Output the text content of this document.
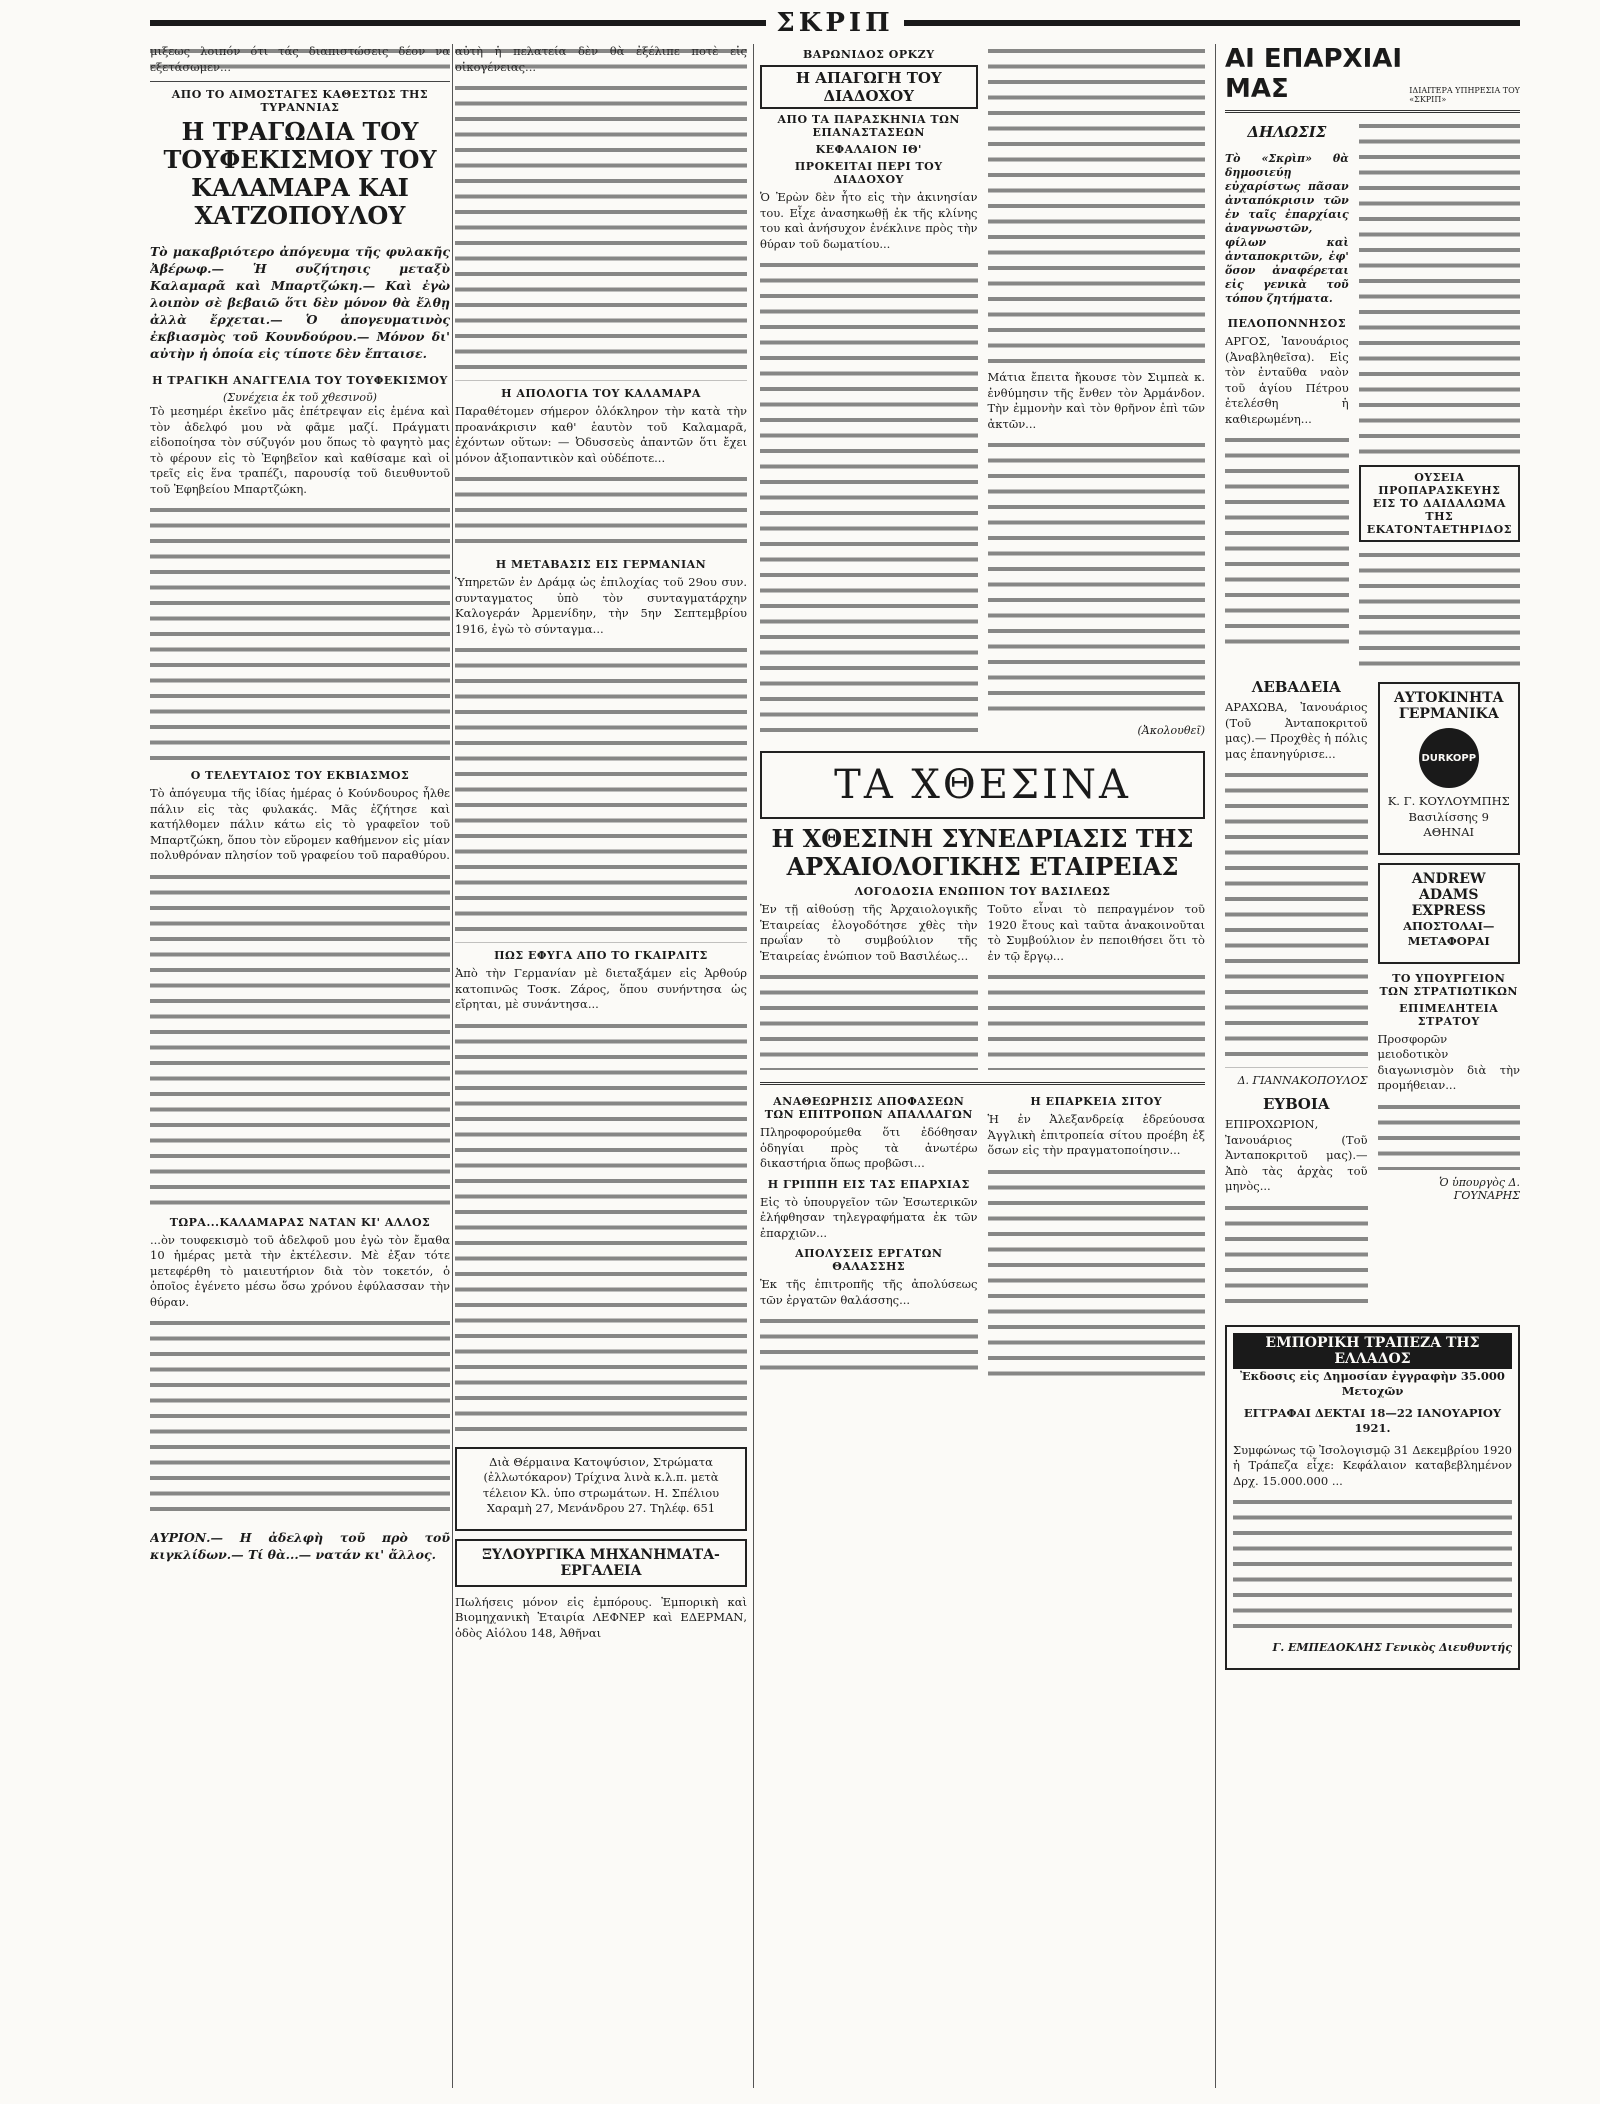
ΣΚΡΙΠ

μιξεως λοιπόν ότι τάς διαπιστώσεις δέον να εξετάσωμεν...

ΑΠΟ ΤΟ ΑΙΜΟΣΤΑΓΕΣ ΚΑΘΕΣΤΩΣ ΤΗΣ ΤΥΡΑΝΝΙΑΣ
Η ΤΡΑΓΩΔΙΑ ΤΟΥ ΤΟΥΦΕΚΙΣΜΟΥ ΤΟΥ ΚΑΛΑΜΑΡΑ ΚΑΙ ΧΑΤΖΟΠΟΥΛΟΥ

Τὸ μακαβριότερο ἀπόγευμα τῆς φυλακῆς Ἀβέρωφ.— Ἡ συζήτησις μεταξὺ Καλαμαρᾶ καὶ Μπαρτζώκη.— Καὶ ἐγὼ λοιπὸν σὲ βεβαιῶ ὅτι δὲν μόνον θὰ ἔλθῃ ἀλλὰ ἔρχεται.— Ὁ ἀπογευματινὸς ἐκβιασμὸς τοῦ Κουνδούρου.— Μόνον δι' αὐτὴν ἡ ὁποία εἰς τίποτε δὲν ἔπταισε.

Η ΤΡΑΓΙΚΗ ΑΝΑΓΓΕΛΙΑ ΤΟΥ ΤΟΥΦΕΚΙΣΜΟΥ
(Συνέχεια ἐκ τοῦ χθεσινοῦ)

Τὸ μεσημέρι ἐκεῖνο μᾶς ἐπέτρεψαν εἰς ἐμένα καὶ τὸν ἀδελφό μου νὰ φᾶμε μαζί. Πράγματι εἰδοποίησα τὸν σύζυγόν μου ὅπως τὸ φαγητὸ μας τὸ φέρουν εἰς τὸ Ἐφηβεῖον καὶ καθίσαμε καὶ οἱ τρεῖς εἰς ἕνα τραπέζι, παρουσίᾳ τοῦ διευθυντοῦ τοῦ Ἐφηβείου Μπαρτζώκη.

Ο ΤΕΛΕΥΤΑΙΟΣ ΤΟΥ ΕΚΒΙΑΣΜΟΣ

Τὸ ἀπόγευμα τῆς ἰδίας ἡμέρας ὁ Κούνδουρος ἦλθε πάλιν εἰς τὰς φυλακάς. Μᾶς ἐζήτησε καὶ κατήλθομεν πάλιν κάτω εἰς τὸ γραφεῖον τοῦ Μπαρτζώκη, ὅπου τὸν εὕρομεν καθήμενον εἰς μίαν πολυθρόναν πλησίον τοῦ γραφείου τοῦ παραθύρου.

ΤΩΡΑ...ΚΑΛΑΜΑΡΑΣ ΝΑΤΑΝ ΚΙ' ΑΛΛΟΣ

...ὸν τουφεκισμὸ τοῦ ἀδελφοῦ μου ἐγὼ τὸν ἔμαθα 10 ἡμέρας μετὰ τὴν ἐκτέλεσιν. Μὲ ἐξαν τότε μετεφέρθη τὸ μαιευτήριον διὰ τὸν τοκετόν, ὁ ὁποῖος ἐγένετο μέσω ὅσω χρόνου ἐφύλασσαν τὴν θύραν.

ΑΥΡΙΟΝ.— Η ἀδελφὴ τοῦ πρὸ τοῦ κιγκλίδων.— Τί θὰ...— νατάν κι' ἄλλος.

αὐτὴ ἡ πελατεία δὲν θὰ ἐξέλιπε ποτὲ εἰς οἰκογένειας...

Η ΑΠΟΛΟΓΙΑ ΤΟΥ ΚΑΛΑΜΑΡΑ

Παραθέτομεν σήμερον ὁλόκληρον τὴν κατὰ τὴν προανάκρισιν καθ' ἑαυτὸν τοῦ Καλαμαρᾶ, ἐχόντων οὕτων: — Ὀδυσσεὺς ἀπαντῶν ὅτι ἔχει μόνον ἀξιοπαντικὸν καὶ οὐδέποτε...

Η ΜΕΤΑΒΑΣΙΣ ΕΙΣ ΓΕΡΜΑΝΙΑΝ

Ὑπηρετῶν ἐν Δράμᾳ ὡς ἐπιλοχίας τοῦ 29ου συν. συνταγματος ὑπὸ τὸν συνταγματάρχην Καλογεράν Ἀρμενίδην, τὴν 5ην Σεπτεμβρίου 1916, ἐγὼ τὸ σύνταγμα...

ΠΩΣ ΕΦΥΓΑ ΑΠΟ ΤΟ ΓΚΑΙΡΛΙΤΣ

Ἀπὸ τὴν Γερμανίαν μὲ διεταξάμεν εἰς Ἀρθούρ κατοπινῶς Τοσκ. Ζάρος, ὅπου συνήντησα ὡς εἴρηται, μὲ συνάντησα...

Διὰ Θέρμαινα Κατοψύσιον, Στρώματα (ἐλλωτόκαρον) Τρίχινα λινὰ κ.λ.π. μετὰ τέλειον Κλ. ὑπο στρωμάτων. Η. Σπέλιου Χαραμὴ 27, Μενάνδρου 27. Τηλέφ. 651
ΞΥΛΟΥΡΓΙΚΑ ΜΗΧΑΝΗΜΑΤΑ-ΕΡΓΑΛΕΙΑ

Πωλήσεις μόνον εἰς ἐμπόρους. Ἐμπορικὴ καὶ Βιομηχανικὴ Ἑταιρία ΛΕΦΝΕΡ καὶ ΕΔΕΡΜΑΝ, ὁδὸς Αἰόλου 148, Ἀθῆναι

ΒΑΡΩΝΙΔΟΣ ΟΡΚΖΥ
Η ΑΠΑΓΩΓΗ ΤΟΥ ΔΙΑΔΟΧΟΥ
ΑΠΟ ΤΑ ΠΑΡΑΣΚΗΝΙΑ ΤΩΝ ΕΠΑΝΑΣΤΑΣΕΩΝ
ΚΕΦΑΛΑΙΟΝ ΙΘ'
ΠΡΟΚΕΙΤΑΙ ΠΕΡΙ ΤΟΥ ΔΙΑΔΟΧΟΥ

Ὁ Ἐρὼν δὲν ἦτο εἰς τὴν ἀκινησίαν του. Εἶχε ἀνασηκωθῇ ἐκ τῆς κλίνης του καὶ ἀνήσυχον ἐνέκλινε πρὸς τὴν θύραν τοῦ δωματίου...

Μάτια ἔπειτα ἤκουσε τὸν Σιμπεὰ κ. ἐνθύμησιν τῆς ἔνθεν τὸν Ἀρμάνδον. Τὴν ἐμμονὴν καὶ τὸν θρῆνον ἐπὶ τῶν ἀκτῶν...

(Ἀκολουθεῖ)
ΤΑ ΧΘΕΣΙΝΑ
Η ΧΘΕΣΙΝΗ ΣΥΝΕΔΡΙΑΣΙΣ ΤΗΣ ΑΡΧΑΙΟΛΟΓΙΚΗΣ ΕΤΑΙΡΕΙΑΣ
ΛΟΓΟΔΟΣΙΑ ΕΝΩΠΙΟΝ ΤΟΥ ΒΑΣΙΛΕΩΣ

Ἐν τῇ αἰθούσῃ τῆς Ἀρχαιολογικῆς Ἑταιρείας ἐλογοδότησε χθὲς τὴν πρωΐαν τὸ συμβούλιον τῆς Ἑταιρείας ἐνώπιον τοῦ Βασιλέως...

Τοῦτο εἶναι τὸ πεπραγμένον τοῦ 1920 ἔτους καὶ ταῦτα ἀνακοινοῦται τὸ Συμβούλιον ἐν πεποιθήσει ὅτι τὸ ἐν τῷ ἔργῳ...

ΑΝΑΘΕΩΡΗΣΙΣ ΑΠΟΦΑΣΕΩΝ ΤΩΝ ΕΠΙΤΡΟΠΩΝ ΑΠΑΛΛΑΓΩΝ

Πληροφορούμεθα ὅτι ἐδόθησαν ὁδηγίαι πρὸς τὰ ἀνωτέρω δικαστήρια ὅπως προβῶσι...

Η ΓΡΙΠΠΗ ΕΙΣ ΤΑΣ ΕΠΑΡΧΙΑΣ

Εἰς τὸ ὑπουργεῖον τῶν Ἐσωτερικῶν ἐλήφθησαν τηλεγραφήματα ἐκ τῶν ἐπαρχιῶν...

ΑΠΟΛΥΣΕΙΣ ΕΡΓΑΤΩΝ ΘΑΛΑΣΣΗΣ

Ἐκ τῆς ἐπιτροπῆς τῆς ἀπολύσεως τῶν ἐργατῶν θαλάσσης...

Η ΕΠΑΡΚΕΙΑ ΣΙΤΟΥ

Ἡ ἐν Ἀλεξανδρείᾳ ἑδρεύουσα Ἀγγλικὴ ἐπιτροπεία σίτου προέβη ἐξ ὅσων εἰς τὴν πραγματοποίησιν...

ΑΙ ΕΠΑΡΧΙΑΙ ΜΑΣ	ΙΔΙΑΙΤΕΡΑ ΥΠΗΡΕΣΙΑ ΤΟΥ «ΣΚΡΙΠ»
ΔΗΛΩΣΙΣ

Τὸ «Σκρὶπ» θὰ δημοσιεύῃ εὐχαρίστως πᾶσαν ἀνταπόκρισιν τῶν ἐν ταῖς ἐπαρχίαις ἀναγνωστῶν, φίλων καὶ ἀνταποκριτῶν, ἐφ' ὅσον ἀναφέρεται εἰς γενικὰ τοῦ τόπου ζητήματα.

ΠΕΛΟΠΟΝΝΗΣΟΣ

ΑΡΓΟΣ, Ἰανουάριος (Ἀναβληθεῖσα). Εἰς τὸν ἐνταῦθα ναὸν τοῦ ἁγίου Πέτρου ἐτελέσθη ἡ καθιερωμένη...

ΟΥΣΕΙΑ ΠΡΟΠΑΡΑΣΚΕΥΗΣ ΕΙΣ ΤΟ ΔΑΙΔΑΛΩΜΑ ΤΗΣ ΕΚΑΤΟΝΤΑΕΤΗΡΙΔΟΣ

ΛΕΒΑΔΕΙΑ

ΑΡΑΧΩΒΑ, Ἰανουάριος (Τοῦ Ἀνταποκριτοῦ μας).— Προχθὲς ἡ πόλις μας ἐπανηγύρισε...

Δ. ΓΙΑΝΝΑΚΟΠΟΥΛΟΣ
ΕΥΒΟΙΑ

ΕΠΙΡΟΧΩΡΙΟΝ, Ἰανουάριος (Τοῦ Ἀνταποκριτοῦ μας).— Ἀπὸ τὰς ἀρχὰς τοῦ μηνὸς...

ΑΥΤΟΚΙΝΗΤΑ ΓΕΡΜΑΝΙΚΑ
DURKOPP
Κ. Γ. ΚΟΥΛΟΥΜΠΗΣ Βασιλίσσης 9 ΑΘΗΝΑΙ
ANDREW ADAMS EXPRESS
ΑΠΟΣΤΟΛΑΙ—ΜΕΤΑΦΟΡΑΙ
ΤΟ ΥΠΟΥΡΓΕΙΟΝ ΤΩΝ ΣΤΡΑΤΙΩΤΙΚΩΝ
ΕΠΙΜΕΛΗΤΕΙΑ ΣΤΡΑΤΟΥ

Προσφορῶν μειοδοτικὸν διαγωνισμὸν διὰ τὴν προμήθειαν...

Ὁ ὑπουργὸς Δ. ΓΟΥΝΑΡΗΣ
ΕΜΠΟΡΙΚΗ ΤΡΑΠΕΖΑ ΤΗΣ ΕΛΛΑΔΟΣ
Ἐκδοσις εἰς Δημοσίαν ἐγγραφὴν 35.000 Μετοχῶν
ΕΓΓΡΑΦΑΙ ΔΕΚΤΑΙ 18—22 ΙΑΝΟΥΑΡΙΟΥ 1921.

Συμφώνως τῷ Ἰσολογισμῷ 31 Δεκεμβρίου 1920 ἡ Τράπεζα εἶχε: Κεφάλαιον καταβεβλημένον Δρχ. 15.000.000 ...

Γ. ΕΜΠΕΔΟΚΛΗΣ Γενικὸς Διευθυντής
